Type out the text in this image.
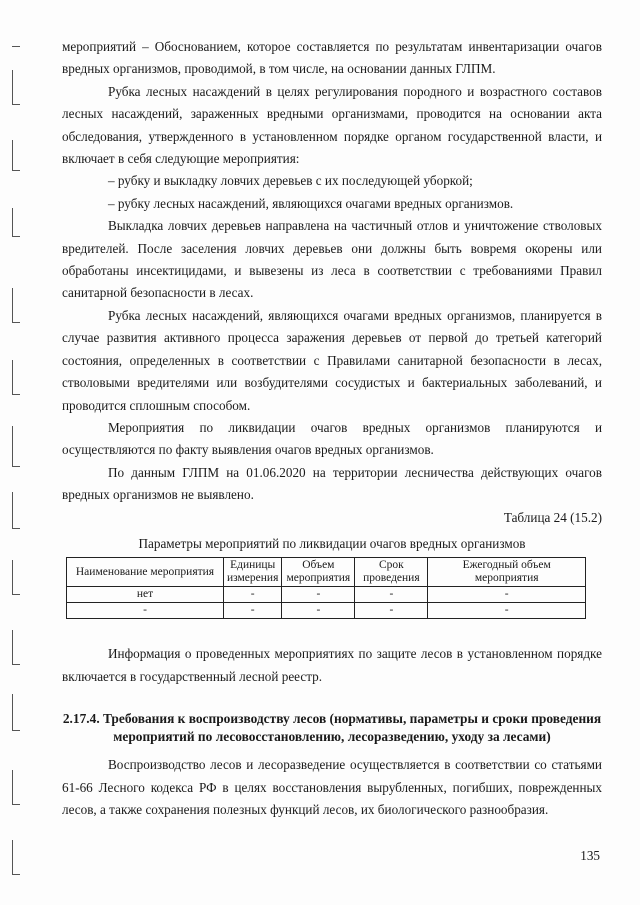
мероприятий – Обоснованием, которое составляется по результатам инвентаризации очагов вредных организмов, проводимой, в том числе, на основании данных ГЛПМ.

Рубка лесных насаждений в целях регулирования породного и возрастного составов лесных насаждений, зараженных вредными организмами, проводится на основании акта обследования, утвержденного в установленном порядке органом государственной власти, и включает в себя следующие мероприятия:

– рубку и выкладку ловчих деревьев с их последующей уборкой;

– рубку лесных насаждений, являющихся очагами вредных организмов.

Выкладка ловчих деревьев направлена на частичный отлов и уничтожение стволовых вредителей. После заселения ловчих деревьев они должны быть вовремя окорены или обработаны инсектицидами, и вывезены из леса в соответствии с требованиями Правил санитарной безопасности в лесах.

Рубка лесных насаждений, являющихся очагами вредных организмов, планируется в случае развития активного процесса заражения деревьев от первой до третьей категорий состояния, определенных в соответствии с Правилами санитарной безопасности в лесах, стволовыми вредителями или возбудителями сосудистых и бактериальных заболеваний, и проводится сплошным способом.

Мероприятия по ликвидации очагов вредных организмов планируются и осуществляются по факту выявления очагов вредных организмов.

По данным ГЛПМ на 01.06.2020 на территории лесничества действующих очагов вредных организмов не выявлено.

Таблица 24 (15.2)
Параметры мероприятий по ликвидации очагов вредных организмов
Наименование мероприятия	Единицы измерения	Объем мероприятия	Срок проведения	Ежегодный объем мероприятия
нет	-	-	-	-
-	-	-	-	-

Информация о проведенных мероприятиях по защите лесов в установленном порядке включается в государственный лесной реестр.

2.17.4. Требования к воспроизводству лесов (нормативы, параметры и сроки проведения мероприятий по лесовосстановлению, лесоразведению, уходу за лесами)

Воспроизводство лесов и лесоразведение осуществляется в соответствии со статьями 61-66 Лесного кодекса РФ в целях восстановления вырубленных, погибших, поврежденных лесов, а также сохранения полезных функций лесов, их биологического разнообразия.

135
